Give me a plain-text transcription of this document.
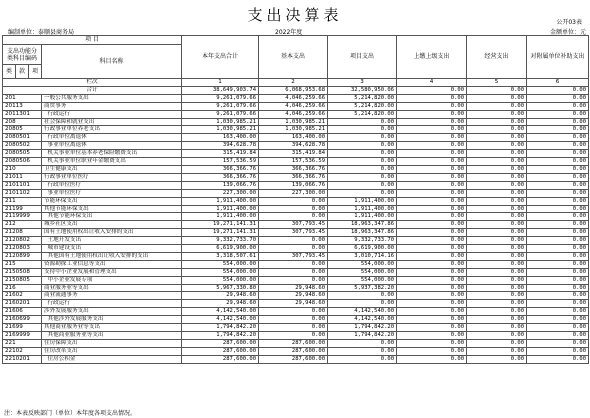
支出决算表	公开03表
编制单位：泰顺县商务局	2022年度	金额单位：元
项 目				本年支出合计	基本支出	项目支出	上缴上级支出	经营支出	对附属单位补助支出
支出功能分类科目编码			科目名称						
类	款	项							
栏次				1	2	3	4	5	6
合计				38,649,903.74	6,068,953.68	32,580,950.06	0.00	0.00	0.00
201			一般公共服务支出	9,261,079.66	4,046,259.66	5,214,820.00	0.00	0.00	0.00
20113			商贸事务	9,261,079.66	4,046,259.66	5,214,820.00	0.00	0.00	0.00
2011301			行政运行	9,261,079.66	4,046,259.66	5,214,820.00	0.00	0.00	0.00
208			社会保障和就业支出	1,030,985.21	1,030,985.21	0.00	0.00	0.00	0.00
20805			行政事业单位养老支出	1,030,985.21	1,030,985.21	0.00	0.00	0.00	0.00
2080501			行政单位离退休	163,400.00	163,400.00	0.00	0.00	0.00	0.00
2080502			事业单位离退休	394,628.78	394,628.78	0.00	0.00	0.00	0.00
2080505			机关事业单位基本养老保险缴费支出	315,419.84	315,419.84	0.00	0.00	0.00	0.00
2080506			机关事业单位职业年金缴费支出	157,536.59	157,536.59	0.00	0.00	0.00	0.00
210			卫生健康支出	366,366.76	366,366.76	0.00	0.00	0.00	0.00
21011			行政事业单位医疗	366,366.76	366,366.76	0.00	0.00	0.00	0.00
2101101			行政单位医疗	139,066.76	139,066.76	0.00	0.00	0.00	0.00
2101102			事业单位医疗	227,300.00	227,300.00	0.00	0.00	0.00	0.00
211			节能环保支出	1,911,400.00	0.00	1,911,400.00	0.00	0.00	0.00
21199			其他节能环保支出	1,911,400.00	0.00	1,911,400.00	0.00	0.00	0.00
2119999			其他节能环保支出	1,911,400.00	0.00	1,911,400.00	0.00	0.00	0.00
212			城乡社区支出	19,271,141.31	307,793.45	18,963,347.86	0.00	0.00	0.00
21208			国有土地使用权出让收入安排的支出	19,271,141.31	307,793.45	18,963,347.86	0.00	0.00	0.00
2120802			土地开发支出	9,332,733.70	0.00	9,332,733.70	0.00	0.00	0.00
2120803			城市建设支出	6,619,900.00	0.00	6,619,900.00	0.00	0.00	0.00
2120899			其他国有土地使用权出让收入安排的支出	3,318,507.61	307,793.45	3,010,714.16	0.00	0.00	0.00
215			资源勘探工业信息等支出	554,000.00	0.00	554,000.00	0.00	0.00	0.00
2150508			支持中小企业发展和管理支出	554,000.00	0.00	554,000.00	0.00	0.00	0.00
2150805			中小企业发展专项	554,000.00	0.00	554,000.00	0.00	0.00	0.00
216			商业服务业等支出	5,967,330.80	29,948.60	5,937,382.20	0.00	0.00	0.00
21602			商业流通事务	29,948.60	29,948.60	0.00	0.00	0.00	0.00
2160201			行政运行	29,948.60	29,948.60	0.00	0.00	0.00	0.00
21606			涉外发展服务支出	4,142,540.00	0.00	4,142,540.00	0.00	0.00	0.00
2160699			其他涉外发展服务支出	4,142,540.00	0.00	4,142,540.00	0.00	0.00	0.00
21699			其他商业服务业等支出	1,794,842.20	0.00	1,794,842.20	0.00	0.00	0.00
2169999			其他商业服务业等支出	1,794,842.20	0.00	1,794,842.20	0.00	0.00	0.00
221			住房保障支出	287,600.00	287,600.00	0.00	0.00	0.00	0.00
22102			住房改革支出	287,600.00	287,600.00	0.00	0.00	0.00	0.00
2210201			住房公积金	287,600.00	287,600.00	0.00	0.00	0.00	0.00
注：本表反映部门（单位）本年度各项支出情况。
